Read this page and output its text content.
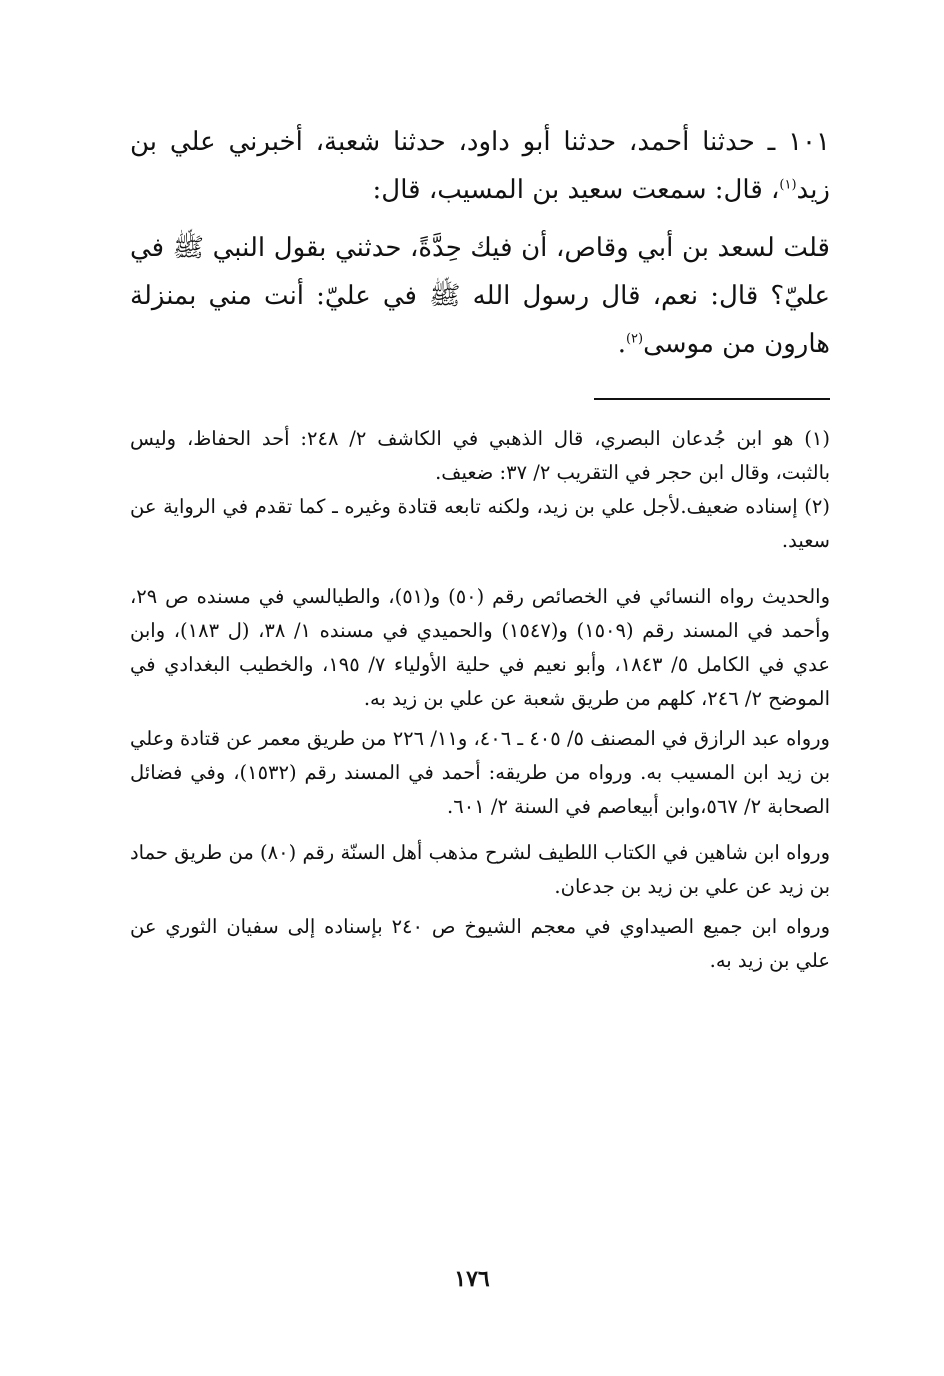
١٠١ ـ حدثنا أحمد، حدثنا أبو داود، حدثنا شعبة، أخبرني علي بن زيد$^{(١)}$، قال: سمعت سعيد بن المسيب، قال:

قلت لسعد بن أبي وقاص، أن فيك حِدَّةً، حدثني بقول النبي ﷺ في عليّ؟ قال: نعم، قال رسول الله ﷺ في عليّ: أنت مني بمنزلة هارون من موسى$^{(٢)}$.

(١) هو ابن جُدعان البصري، قال الذهبي في الكاشف ٢/ ٢٤٨: أحد الحفاظ، وليس بالثبت، وقال ابن حجر في التقريب ٢/ ٣٧: ضعيف.

(٢) إسناده ضعيف.لأجل علي بن زيد، ولكنه تابعه قتادة وغيره ـ كما تقدم في الرواية عن سعيد.

والحديث رواه النسائي في الخصائص رقم (٥٠) و(٥١)، والطيالسي في مسنده ص ٢٩، وأحمد في المسند رقم (١٥٠٩) و(١٥٤٧) والحميدي في مسنده ١/ ٣٨، (ل ١٨٣)، وابن عدي في الكامل ٥/ ١٨٤٣، وأبو نعيم في حلية الأولياء ٧/ ١٩٥، والخطيب البغدادي في الموضح ٢/ ٢٤٦، كلهم من طريق شعبة عن علي بن زيد به.

ورواه عبد الرازق في المصنف ٥/ ٤٠٥ ـ ٤٠٦، و١١/ ٢٢٦ من طريق معمر عن قتادة وعلي بن زيد ابن المسيب به. ورواه من طريقه: أحمد في المسند رقم (١٥٣٢)، وفي فضائل الصحابة ٢/ ٥٦٧،وابن أبيعاصم في السنة ٢/ ٦٠١.

ورواه ابن شاهين في الكتاب اللطيف لشرح مذهب أهل السنّة رقم (٨٠) من طريق حماد بن زيد عن علي بن زيد بن جدعان.

ورواه ابن جميع الصيداوي في معجم الشيوخ ص ٢٤٠ بإسناده إلى سفيان الثوري عن علي بن زيد به.

١٧٦
